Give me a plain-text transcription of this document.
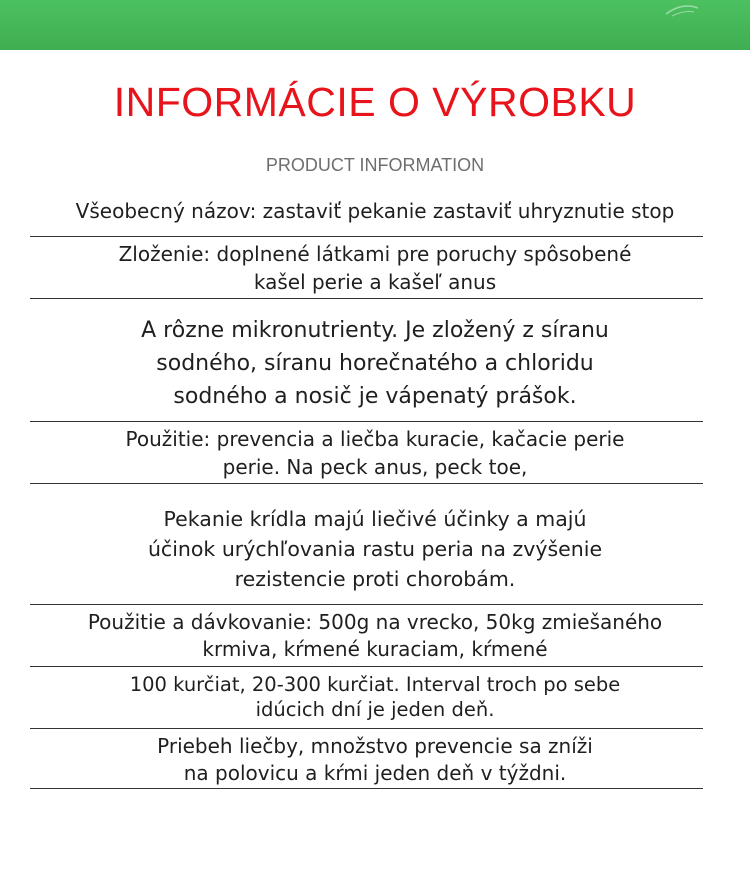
INFORMÁCIE O VÝROBKU
PRODUCT INFORMATION
Všeobecný názov: zastaviť pekanie zastaviť uhryznutie stop
Zloženie: doplnené látkami pre poruchy spôsobené
kašel perie a kašeľ anus
A rôzne mikronutrienty. Je zložený z síranu
sodného, síranu horečnatého a chloridu
sodného a nosič je vápenatý prášok.
Použitie: prevencia a liečba kuracie, kačacie perie
perie. Na peck anus, peck toe,
Pekanie krídla majú liečivé účinky a majú
účinok urýchľovania rastu peria na zvýšenie
rezistencie proti chorobám.
Použitie a dávkovanie: 500g na vrecko, 50kg zmiešaného
krmiva, kŕmené kuraciam, kŕmené
100 kurčiat, 20-300 kurčiat. Interval troch po sebe
idúcich dní je jeden deň.
Priebeh liečby, množstvo prevencie sa zníži
na polovicu a kŕmi jeden deň v týždni.
